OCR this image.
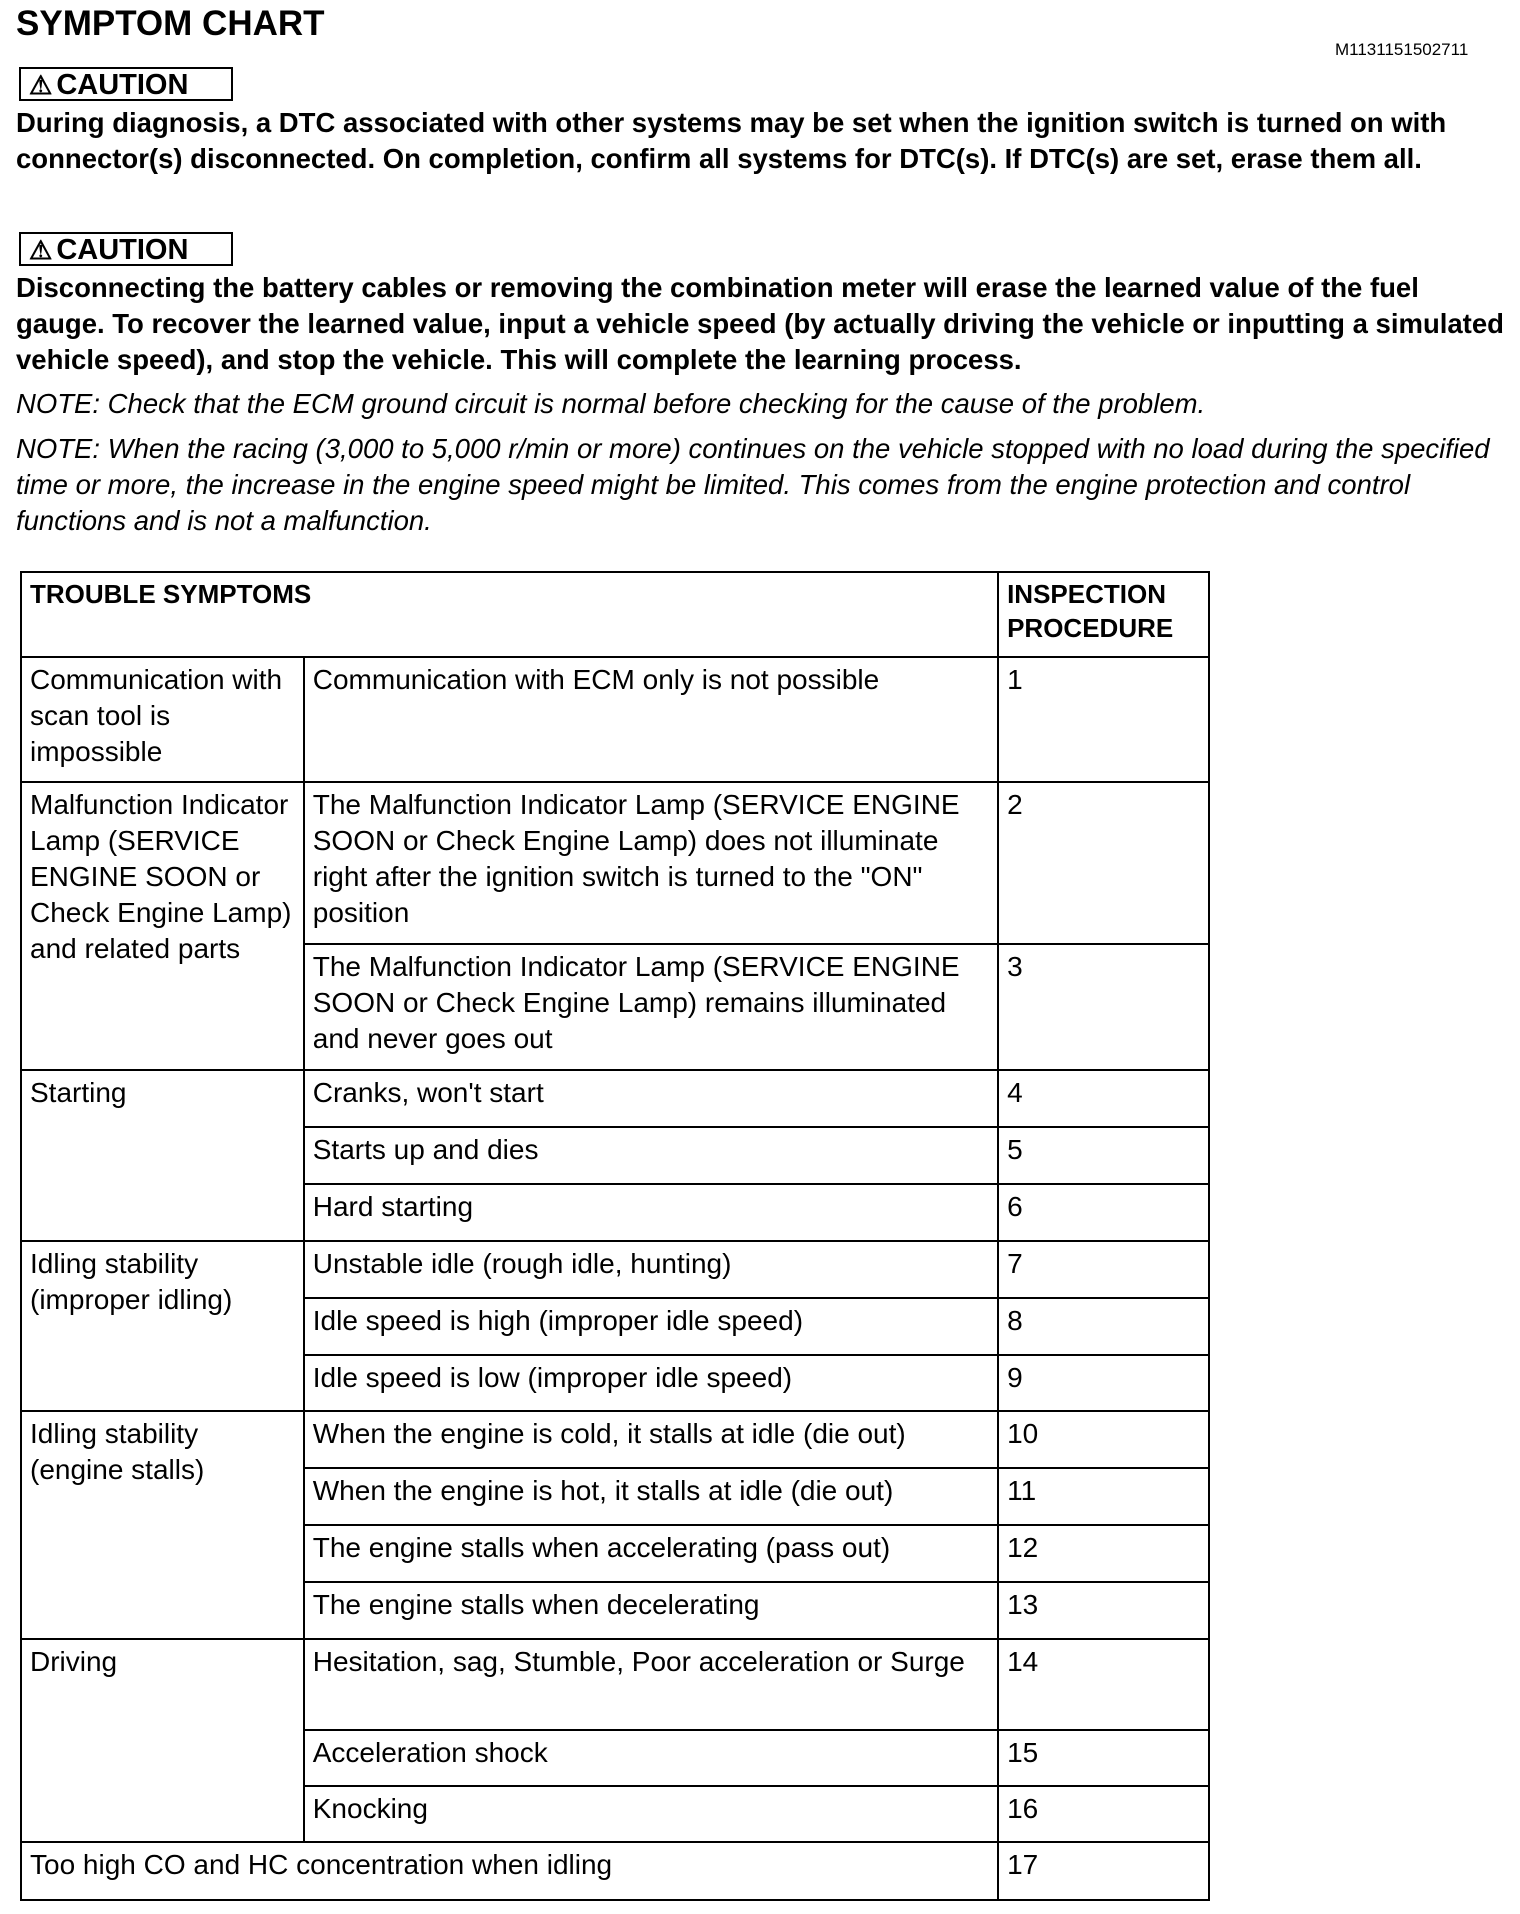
SYMPTOM CHART
M1131151502711
⚠ CAUTION
During diagnosis, a DTC associated with other systems may be set when the ignition switch is turned on with connector(s) disconnected. On completion, confirm all systems for DTC(s). If DTC(s) are set, erase them all.
⚠ CAUTION
Disconnecting the battery cables or removing the combination meter will erase the learned value of the fuel gauge. To recover the learned value, input a vehicle speed (by actually driving the vehicle or inputting a simulated vehicle speed), and stop the vehicle. This will complete the learning process.
NOTE: Check that the ECM ground circuit is normal before checking for the cause of the problem.
NOTE: When the racing (3,000 to 5,000 r/min or more) continues on the vehicle stopped with no load during the specified time or more, the increase in the engine speed might be limited. This comes from the engine protection and control functions and is not a malfunction.
TROUBLE SYMPTOMS		INSPECTION PROCEDURE
Communication with scan tool is impossible	Communication with ECM only is not possible	1
Malfunction Indicator Lamp (SERVICE ENGINE SOON or Check Engine Lamp) and related parts	The Malfunction Indicator Lamp (SERVICE ENGINE SOON or Check Engine Lamp) does not illuminate right after the ignition switch is turned to the "ON" position	2
	The Malfunction Indicator Lamp (SERVICE ENGINE SOON or Check Engine Lamp) remains illuminated and never goes out	3
Starting	Cranks, won't start	4
	Starts up and dies	5
	Hard starting	6
Idling stability (improper idling)	Unstable idle (rough idle, hunting)	7
	Idle speed is high (improper idle speed)	8
	Idle speed is low (improper idle speed)	9
Idling stability (engine stalls)	When the engine is cold, it stalls at idle (die out)	10
	When the engine is hot, it stalls at idle (die out)	11
	The engine stalls when accelerating (pass out)	12
	The engine stalls when decelerating	13
Driving	Hesitation, sag, Stumble, Poor acceleration or Surge	14
	Acceleration shock	15
	Knocking	16
Too high CO and HC concentration when idling		17
